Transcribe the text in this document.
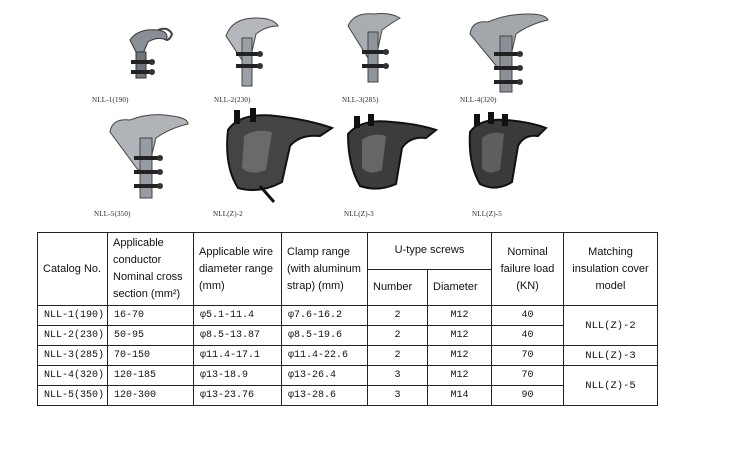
NLL-1(190)	NLL-2(230)	NLL-3(285)	NLL-4(320)
NLL-5(350)	NLL(Z)-2	NLL(Z)-3	NLL(Z)-5
Catalog No.	Applicable conductor Nominal cross section (mm²)	Applicable wire diameter range (mm)	Clamp range (with aluminum strap) (mm)	U-type screws		Nominal failure load (KN)	Matching insulation cover model
				Number	Diameter		
NLL-1(190)	16-70	φ5.1-11.4	φ7.6-16.2	2	M12	40	NLL(Z)-2
NLL-2(230)	50-95	φ8.5-13.87	φ8.5-19.6	2	M12	40	
NLL-3(285)	70-150	φ11.4-17.1	φ11.4-22.6	2	M12	70	NLL(Z)-3
NLL-4(320)	120-185	φ13-18.9	φ13-26.4	3	M12	70	NLL(Z)-5
NLL-5(350)	120-300	φ13-23.76	φ13-28.6	3	M14	90	
